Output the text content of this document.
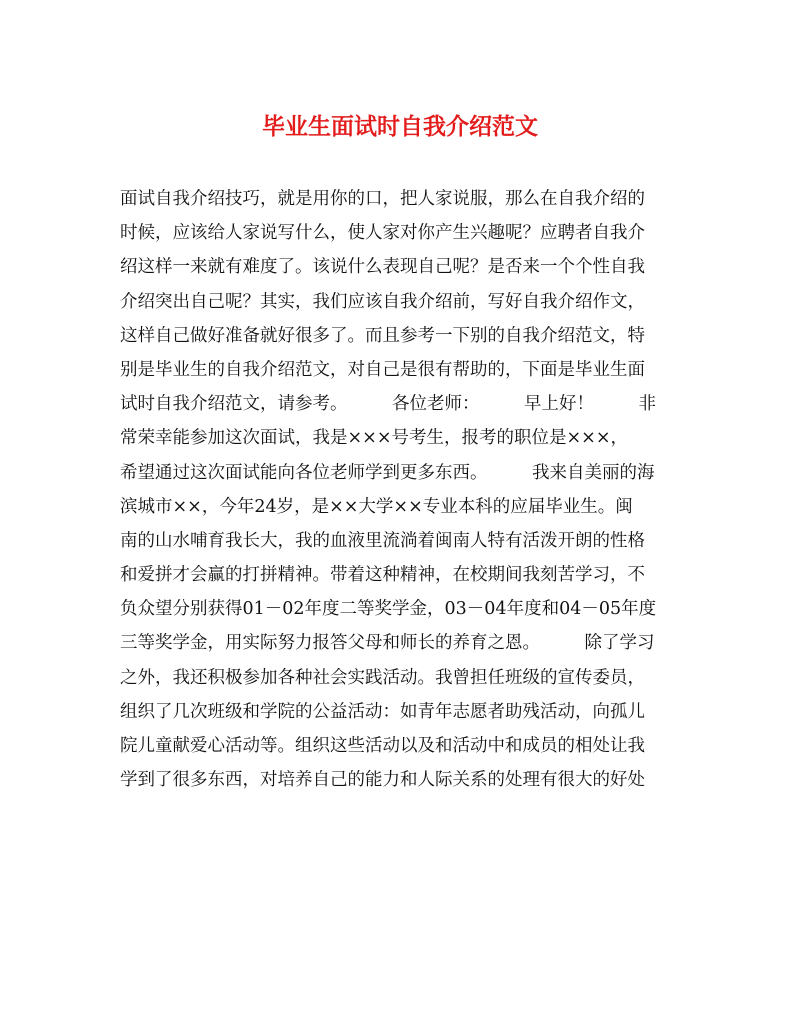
毕业生面试时自我介绍范文
面试自我介绍技巧，就是用你的口，把人家说服，那么在自我介绍的
时候，应该给人家说写什么，使人家对你产生兴趣呢？应聘者自我介
绍这样一来就有难度了。该说什么表现自己呢？是否来一个个性自我
介绍突出自己呢？其实，我们应该自我介绍前，写好自我介绍作文，
这样自己做好准备就好很多了。而且参考一下别的自我介绍范文，特
别是毕业生的自我介绍范文，对自己是很有帮助的，下面是毕业生面
试时自我介绍范文，请参考。        各位老师：        早上好！        非
常荣幸能参加这次面试，我是×××号考生，报考的职位是×××，
希望通过这次面试能向各位老师学到更多东西。        我来自美丽的海
滨城市××，今年24岁，是××大学××专业本科的应届毕业生。闽
南的山水哺育我长大，我的血液里流淌着闽南人特有活泼开朗的性格
和爱拼才会赢的打拼精神。带着这种精神，在校期间我刻苦学习，不
负众望分别获得01－02年度二等奖学金，03－04年度和04－05年度
三等奖学金，用实际努力报答父母和师长的养育之恩。        除了学习
之外，我还积极参加各种社会实践活动。我曾担任班级的宣传委员，
组织了几次班级和学院的公益活动：如青年志愿者助残活动，向孤儿
院儿童献爱心活动等。组织这些活动以及和活动中和成员的相处让我
学到了很多东西，对培养自己的能力和人际关系的处理有很大的好处
